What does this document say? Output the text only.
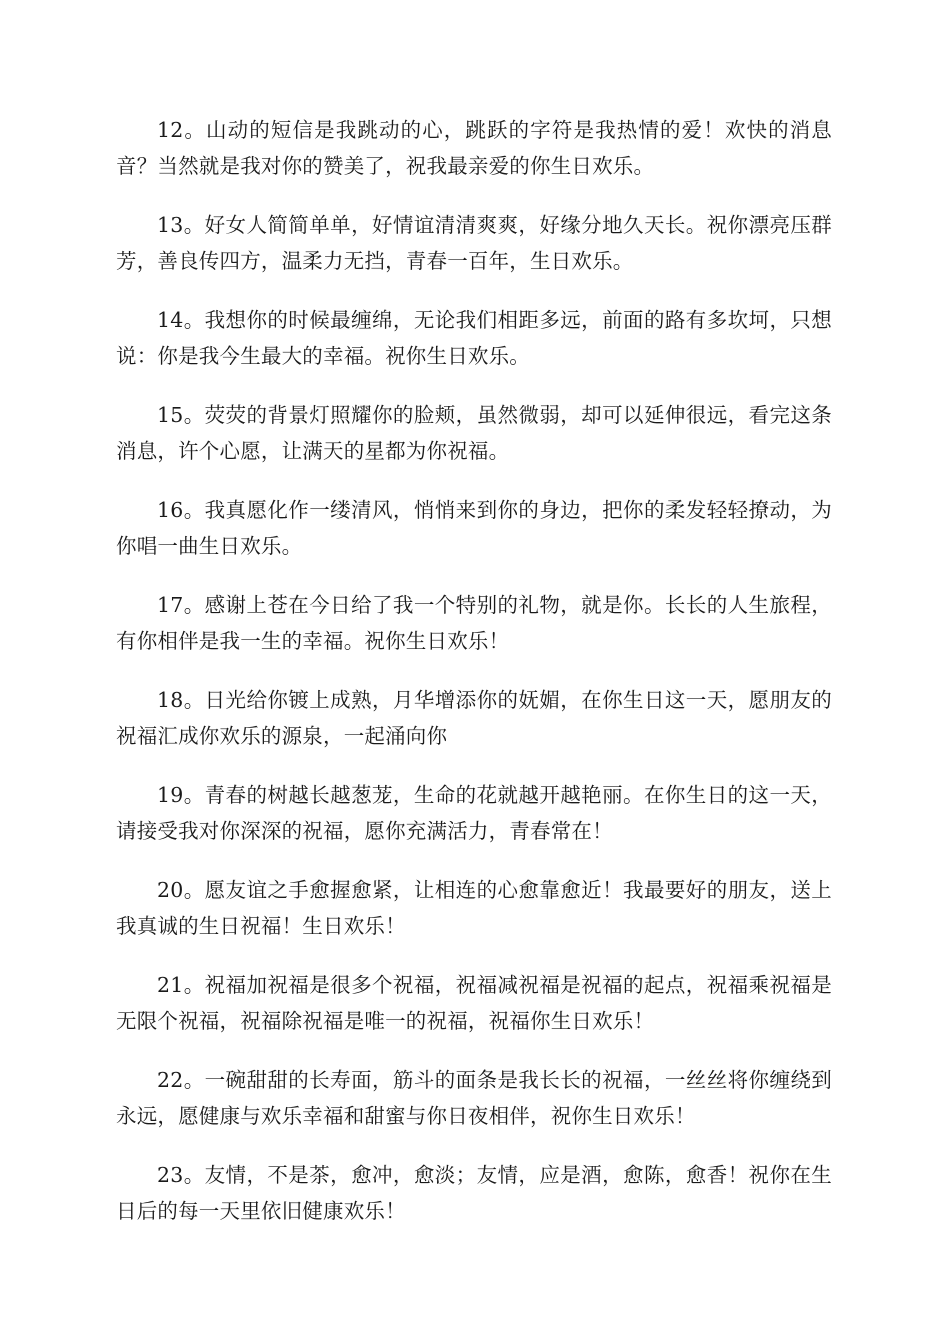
12。山动的短信是我跳动的心，跳跃的字符是我热情的爱！欢快的消息音？当然就是我对你的赞美了，祝我最亲爱的你生日欢乐。

13。好女人简简单单，好情谊清清爽爽，好缘分地久天长。祝你漂亮压群芳，善良传四方，温柔力无挡，青春一百年，生日欢乐。

14。我想你的时候最缠绵，无论我们相距多远，前面的路有多坎坷，只想说：你是我今生最大的幸福。祝你生日欢乐。

15。荧荧的背景灯照耀你的脸颊，虽然微弱，却可以延伸很远，看完这条消息，许个心愿，让满天的星都为你祝福。

16。我真愿化作一缕清风，悄悄来到你的身边，把你的柔发轻轻撩动，为你唱一曲生日欢乐。

17。感谢上苍在今日给了我一个特别的礼物，就是你。长长的人生旅程，有你相伴是我一生的幸福。祝你生日欢乐！

18。日光给你镀上成熟，月华增添你的妩媚，在你生日这一天，愿朋友的祝福汇成你欢乐的源泉，一起涌向你

19。青春的树越长越葱茏，生命的花就越开越艳丽。在你生日的这一天，请接受我对你深深的祝福，愿你充满活力，青春常在！

20。愿友谊之手愈握愈紧，让相连的心愈靠愈近！我最要好的朋友，送上我真诚的生日祝福！生日欢乐！

21。祝福加祝福是很多个祝福，祝福减祝福是祝福的起点，祝福乘祝福是无限个祝福，祝福除祝福是唯一的祝福，祝福你生日欢乐！

22。一碗甜甜的长寿面，筋斗的面条是我长长的祝福，一丝丝将你缠绕到永远，愿健康与欢乐幸福和甜蜜与你日夜相伴，祝你生日欢乐！

23。友情，不是茶，愈冲，愈淡；友情，应是酒，愈陈，愈香！祝你在生日后的每一天里依旧健康欢乐！
